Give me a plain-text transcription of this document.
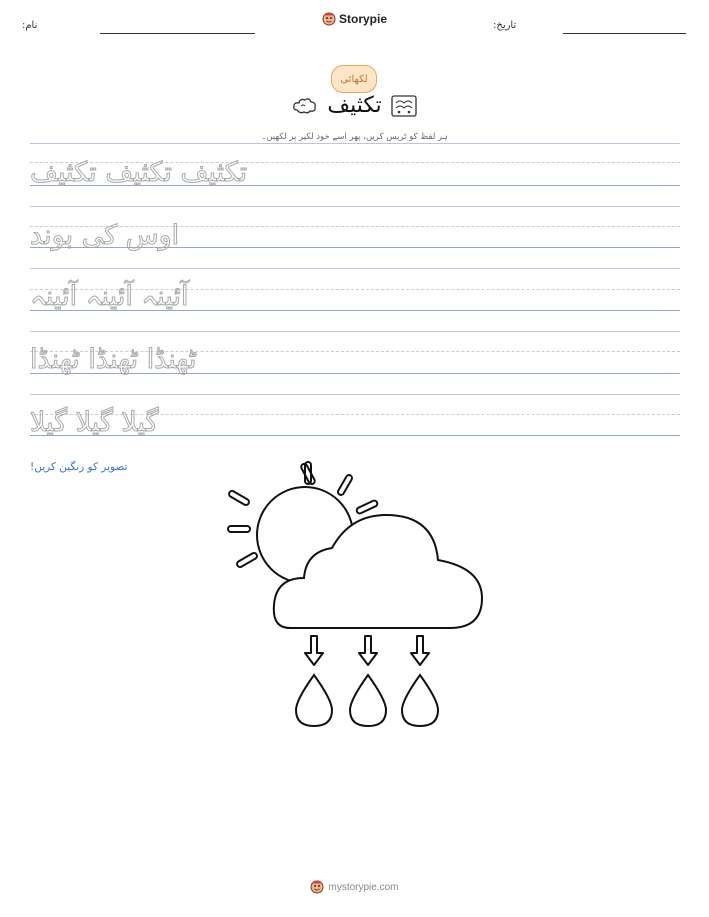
نام:	Storypie	تاریخ:
لکھائی
تکثیف
ہر لفظ کو ٹریس کریں، پھر اسے خود لکیر پر لکھیں۔
تکثیف تکثیف تکثیف
اوس کی بوند
آئینہ آئینہ آئینہ
ٹھنڈا ٹھنڈا ٹھنڈا
گیلا گیلا گیلا
تصویر کو رنگین کریں!
mystorypie.com
